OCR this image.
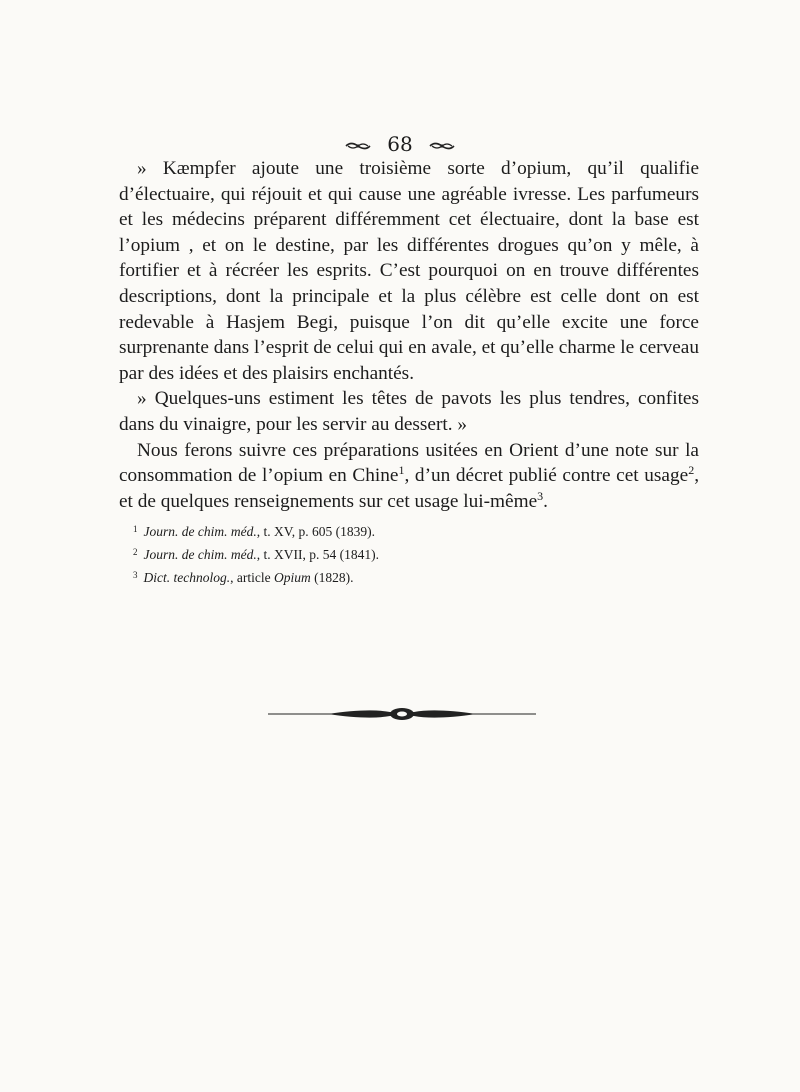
68

» Kæmpfer ajoute une troisième sorte d’opium, qu’il qualifie d’électuaire, qui réjouit et qui cause une agréable ivresse. Les parfumeurs et les médecins préparent différemment cet électuaire, dont la base est l’opium , et on le destine, par les différentes drogues qu’on y mêle, à fortifier et à récréer les esprits. C’est pourquoi on en trouve différentes descriptions, dont la principale et la plus célèbre est celle dont on est redevable à Hasjem Begi, puisque l’on dit qu’elle excite une force surprenante dans l’esprit de celui qui en avale, et qu’elle charme le cerveau par des idées et des plaisirs enchantés.

» Quelques-uns estiment les têtes de pavots les plus tendres, confites dans du vinaigre, pour les servir au dessert. »

Nous ferons suivre ces préparations usitées en Orient d’une note sur la consommation de l’opium en Chine$^1$, d’un décret publié contre cet usage$^2$, et de quelques renseignements sur cet usage lui-même$^3$.

$^1$ Journ. de chim. méd., t. XV, p. 605 (1839).
$^2$ Journ. de chim. méd., t. XVII, p. 54 (1841).
$^3$ Dict. technolog., article Opium (1828).
